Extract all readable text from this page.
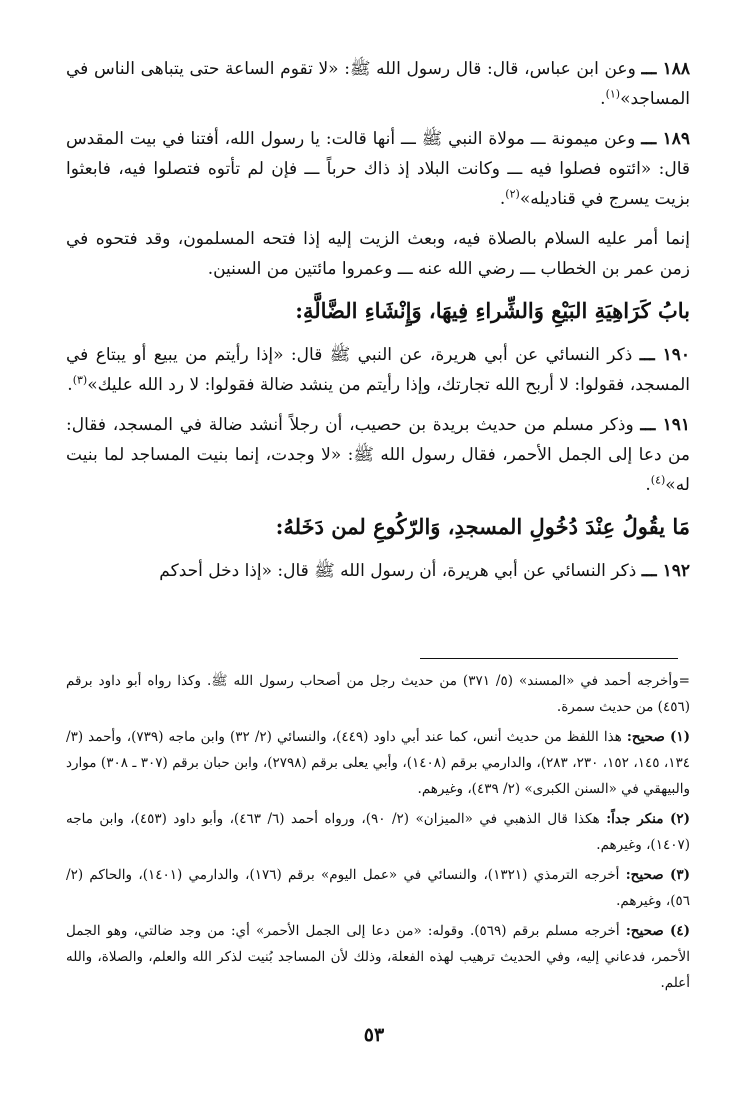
١٨٨ ـــ وعن ابن عباس، قال: قال رسول الله ﷺ: «لا تقوم الساعة حتى يتباهى الناس في المساجد»$^{(١)}$.

١٨٩ ـــ وعن ميمونة ـــ مولاة النبي ﷺ ـــ أنها قالت: يا رسول الله، أفتنا في بيت المقدس قال: «ائتوه فصلوا فيه ـــ وكانت البلاد إذ ذاك حرباً ـــ فإن لم تأتوه فتصلوا فيه، فابعثوا بزيت يسرج في قناديله»$^{(٢)}$.

إنما أمر عليه السلام بالصلاة فيه، وبعث الزيت إليه إذا فتحه المسلمون، وقد فتحوه في زمن عمر بن الخطاب ـــ رضي الله عنه ـــ وعمروا مائتين من السنين.

بابُ كَرَاهِيَةِ البَيْعِ وَالشِّراءِ فِيهَا، وَإِنْشَاءِ الضَّالَّةِ:

١٩٠ ـــ ذكر النسائي عن أبي هريرة، عن النبي ﷺ قال: «إذا رأيتم من يبيع أو يبتاع في المسجد، فقولوا: لا أربح الله تجارتك، وإذا رأيتم من ينشد ضالة فقولوا: لا رد الله عليك»$^{(٣)}$.

١٩١ ـــ وذكر مسلم من حديث بريدة بن حصيب، أن رجلاً أنشد ضالة في المسجد، فقال: من دعا إلى الجمل الأحمر، فقال رسول الله ﷺ: «لا وجدت، إنما بنيت المساجد لما بنيت له»$^{(٤)}$.

مَا يقُولُ عِنْدَ دُخُولِ المسجدِ، وَالرّكُوعِ لمن دَخَلهُ:

١٩٢ ـــ ذكر النسائي عن أبي هريرة، أن رسول الله ﷺ قال: «إذا دخل أحدكم

=وأخرجه أحمد في «المسند» (٥/ ٣٧١) من حديث رجل من أصحاب رسول الله ﷺ. وكذا رواه أبو داود برقم (٤٥٦) من حديث سمرة.

(١) صحيح: هذا اللفظ من حديث أنس، كما عند أبي داود (٤٤٩)، والنسائي (٢/ ٣٢) وابن ماجه (٧٣٩)، وأحمد (٣/ ١٣٤، ١٤٥، ١٥٢، ٢٣٠، ٢٨٣)، والدارمي برقم (١٤٠٨)، وأبي يعلى برقم (٢٧٩٨)، وابن حبان برقم (٣٠٧ ـ ٣٠٨) موارد والبيهقي في «السنن الكبرى» (٢/ ٤٣٩)، وغيرهم.

(٢) منكر جداً: هكذا قال الذهبي في «الميزان» (٢/ ٩٠)، ورواه أحمد (٦/ ٤٦٣)، وأبو داود (٤٥٣)، وابن ماجه (١٤٠٧)، وغيرهم.

(٣) صحيح: أخرجه الترمذي (١٣٢١)، والنسائي في «عمل اليوم» برقم (١٧٦)، والدارمي (١٤٠١)، والحاكم (٢/ ٥٦)، وغيرهم.

(٤) صحيح: أخرجه مسلم برقم (٥٦٩). وقوله: «من دعا إلى الجمل الأحمر» أي: من وجد ضالتي، وهو الجمل الأحمر، فدعاني إليه، وفي الحديث ترهيب لهذه الفعلة، وذلك لأن المساجد بُنيت لذكر الله والعلم، والصلاة، والله أعلم.

٥٣
